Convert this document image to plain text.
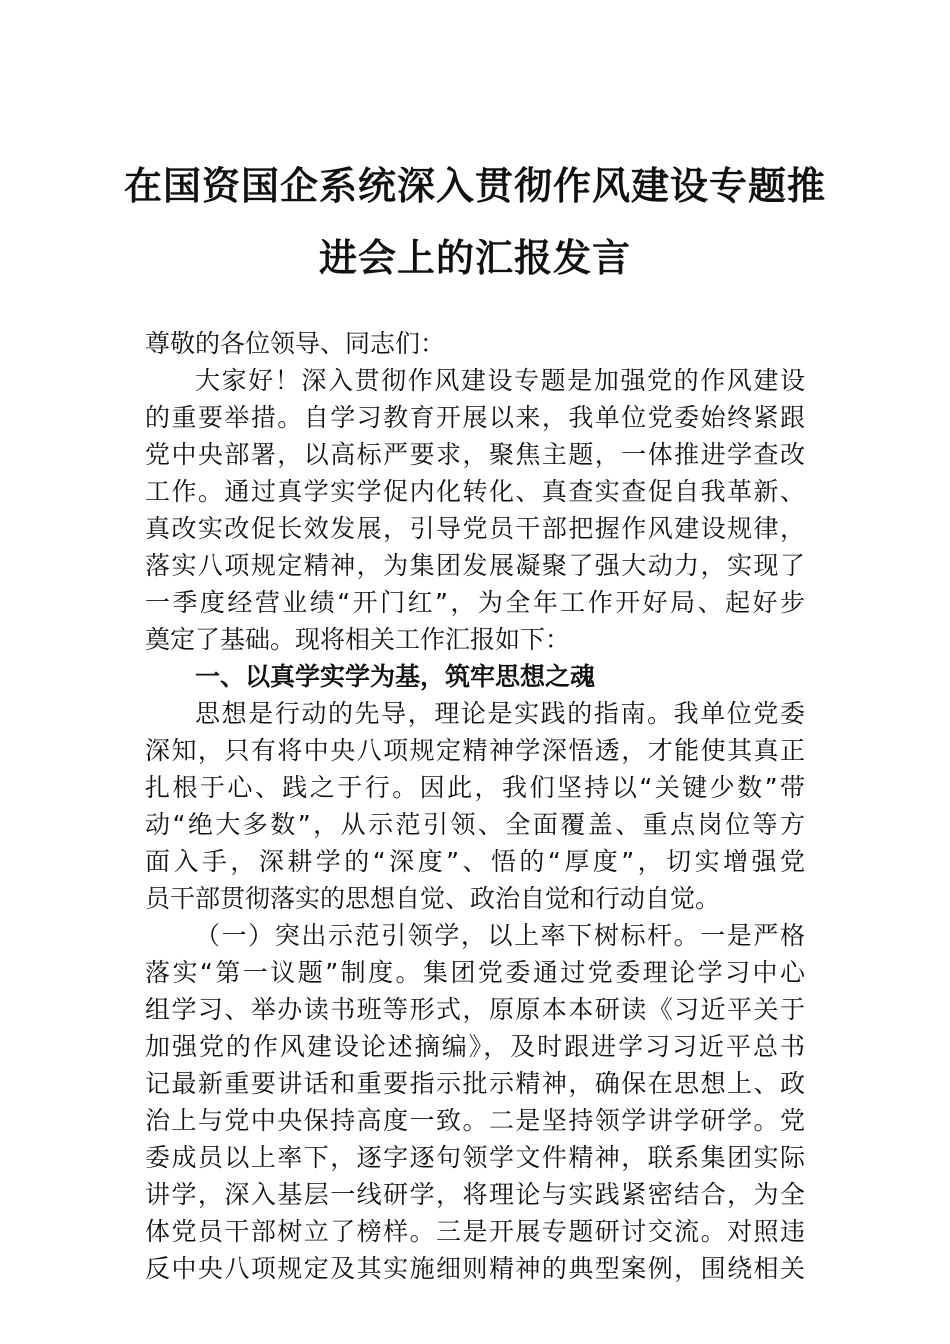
在国资国企系统深入贯彻作风建设专题推
进会上的汇报发言
尊敬的各位领导、同志们：
大家好！深入贯彻作风建设专题是加强党的作风建设
的重要举措。自学习教育开展以来，我单位党委始终紧跟
党中央部署，以高标严要求，聚焦主题，一体推进学查改
工作。通过真学实学促内化转化、真查实查促自我革新、
真改实改促长效发展，引导党员干部把握作风建设规律，
落实八项规定精神，为集团发展凝聚了强大动力，实现了
一季度经营业绩“开门红”，为全年工作开好局、起好步
奠定了基础。现将相关工作汇报如下：
一、以真学实学为基，筑牢思想之魂
思想是行动的先导，理论是实践的指南。我单位党委
深知，只有将中央八项规定精神学深悟透，才能使其真正
扎根于心、践之于行。因此，我们坚持以“关键少数”带
动“绝大多数”，从示范引领、全面覆盖、重点岗位等方
面入手，深耕学的“深度”、悟的“厚度”，切实增强党
员干部贯彻落实的思想自觉、政治自觉和行动自觉。
（一）突出示范引领学，以上率下树标杆。一是严格
落实“第一议题”制度。集团党委通过党委理论学习中心
组学习、举办读书班等形式，原原本本研读《习近平关于
加强党的作风建设论述摘编》，及时跟进学习习近平总书
记最新重要讲话和重要指示批示精神，确保在思想上、政
治上与党中央保持高度一致。二是坚持领学讲学研学。党
委成员以上率下，逐字逐句领学文件精神，联系集团实际
讲学，深入基层一线研学，将理论与实践紧密结合，为全
体党员干部树立了榜样。三是开展专题研讨交流。对照违
反中央八项规定及其实施细则精神的典型案例，围绕相关
